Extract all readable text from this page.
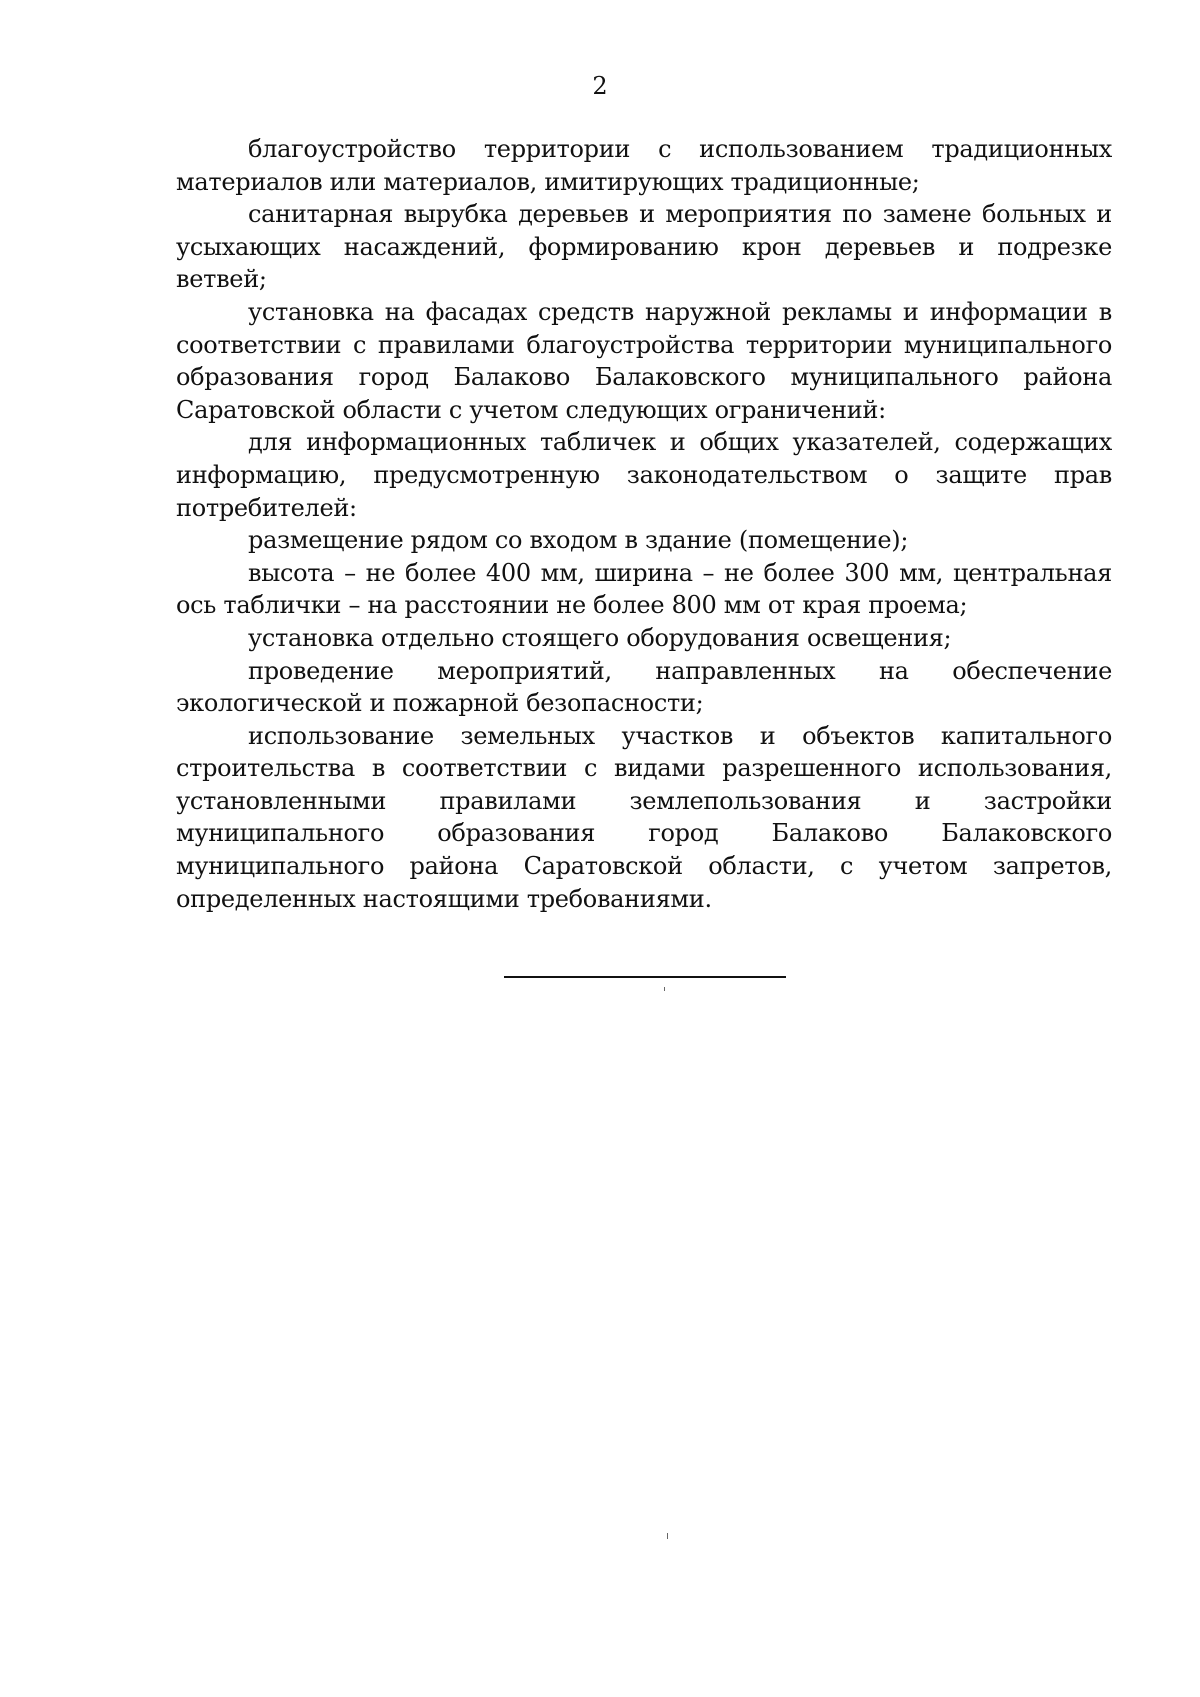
2

благоустройство территории с использованием традиционных материалов или материалов, имитирующих традиционные;

санитарная вырубка деревьев и мероприятия по замене больных и усыхающих насаждений, формированию крон деревьев и подрезке ветвей;

установка на фасадах средств наружной рекламы и информации в соответствии с правилами благоустройства территории муниципального образования город Балаково Балаковского муниципального района Саратовской области с учетом следующих ограничений:

для информационных табличек и общих указателей, содержащих информацию, предусмотренную законодательством о защите прав потребителей:

размещение рядом со входом в здание (помещение);

высота – не более 400 мм, ширина – не более 300 мм, центральная ось таблички – на расстоянии не более 800 мм от края проема;

установка отдельно стоящего оборудования освещения;

проведение мероприятий, направленных на обеспечение экологической и пожарной безопасности;

использование земельных участков и объектов капитального строительства в соответствии с видами разрешенного использования, установленными правилами землепользования и застройки муниципального образования город Балаково Балаковского муниципального района Саратовской области, с учетом запретов, определенных настоящими требованиями.
